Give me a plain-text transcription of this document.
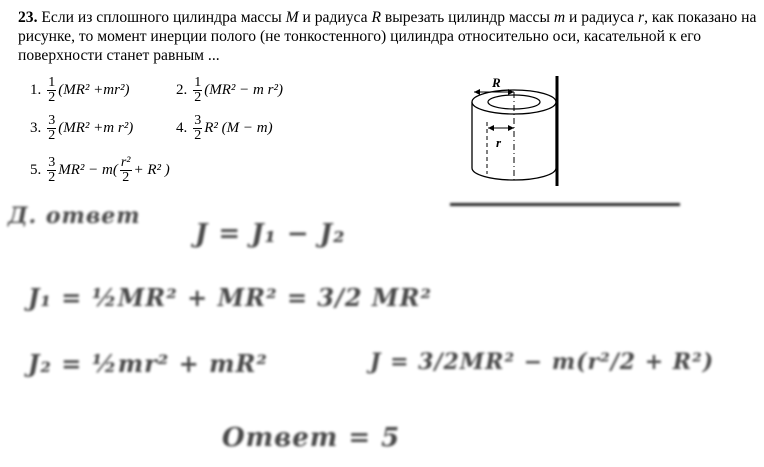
23. Если из сплошного цилиндра массы M и радиуса R вырезать цилиндр массы m и радиуса r, как показано на рисунке, то момент инерции полого (не тонкостенного) цилиндра относительно оси, касательной к его поверхности станет равным ...
1. $\frac{1}{2} (MR^2 +mr^2)$	2. $\frac{1}{2} (MR^2 - m$ r²)
3. $\frac{3}{2} (MR^2 +m$ r²)	4. $\frac{3}{2} R^2$ (M − m)
5. $\frac{3}{2} MR^2 - m( \frac{\text{r²}}{2} + R^2$ )
R
r
Д. ответ
J = J₁ − J₂
J₁ = ½MR² + MR² = 3/2 MR²
J₂ = ½mr² + mR²	J = 3/2MR² − m(r²/2 + R²)
Ответ = 5
